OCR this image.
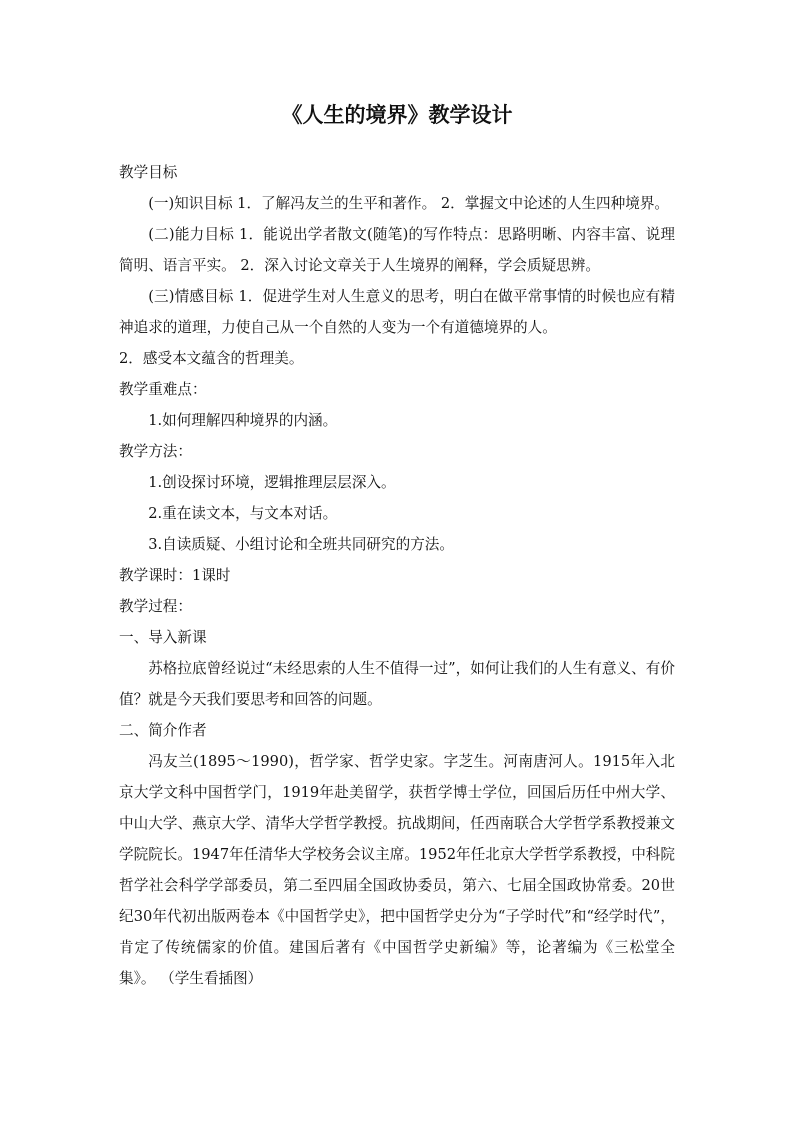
《人生的境界》教学设计

教学目标

(一)知识目标 1．了解冯友兰的生平和著作。 2．掌握文中论述的人生四种境界。

(二)能力目标 1．能说出学者散文(随笔)的写作特点：思路明晰、内容丰富、说理简明、语言平实。 2．深入讨论文章关于人生境界的阐释，学会质疑思辨。

(三)情感目标 1．促进学生对人生意义的思考，明白在做平常事情的时候也应有精神追求的道理，力使自己从一个自然的人变为一个有道德境界的人。

2．感受本文蕴含的哲理美。

教学重难点：

1.如何理解四种境界的内涵。

教学方法：

1.创设探讨环境，逻辑推理层层深入。

2.重在读文本，与文本对话。

3.自读质疑、小组讨论和全班共同研究的方法。

教学课时：1课时

教学过程：

一、导入新课

苏格拉底曾经说过“未经思索的人生不值得一过”，如何让我们的人生有意义、有价值？就是今天我们要思考和回答的问题。

二、简介作者

冯友兰(1895～1990)，哲学家、哲学史家。字芝生。河南唐河人。1915年入北京大学文科中国哲学门，1919年赴美留学，获哲学博士学位，回国后历任中州大学、中山大学、燕京大学、清华大学哲学教授。抗战期间，任西南联合大学哲学系教授兼文学院院长。1947年任清华大学校务会议主席。1952年任北京大学哲学系教授，中科院哲学社会科学学部委员，第二至四届全国政协委员，第六、七届全国政协常委。20世纪30年代初出版两卷本《中国哲学史》，把中国哲学史分为“子学时代”和“经学时代”，肯定了传统儒家的价值。建国后著有《中国哲学史新编》等，论著编为《三松堂全集》。 （学生看插图）
